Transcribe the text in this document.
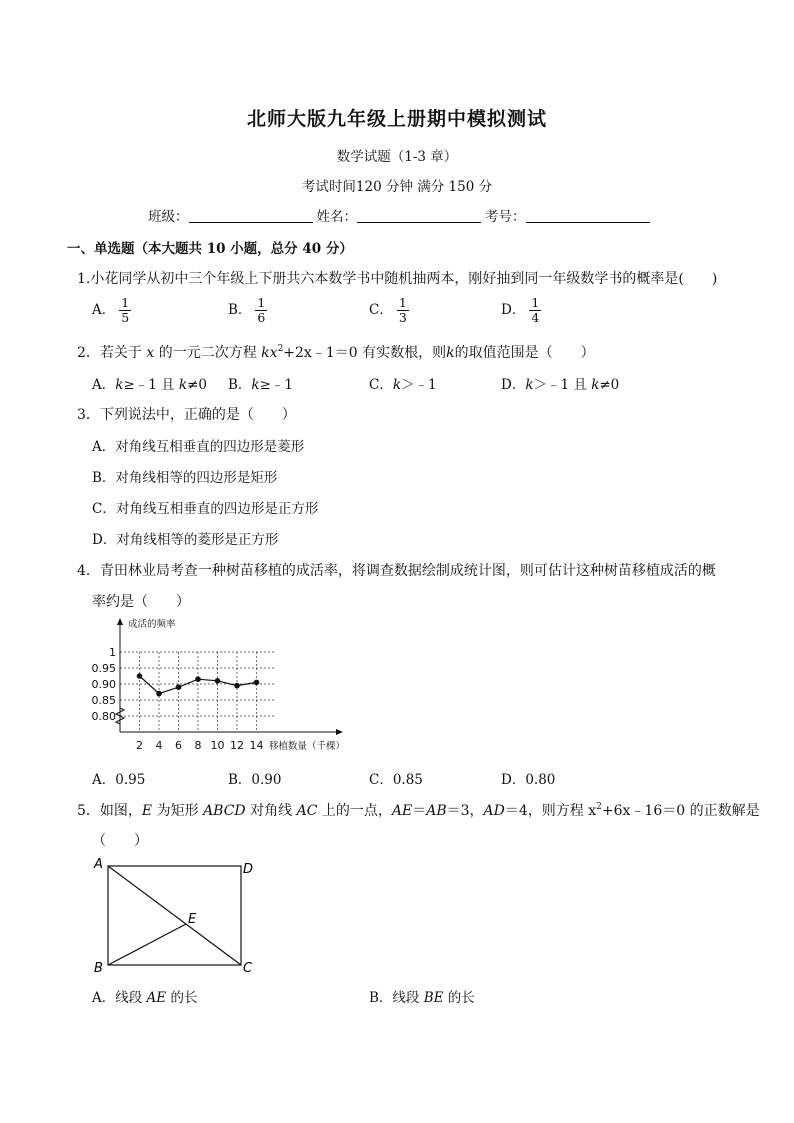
北师大版九年级上册期中模拟测试
数学试题（1-3 章）
考试时间120 分钟 满分 150 分
班级：	姓名：	考号：
一、单选题（本大题共 10 小题，总分 40 分）
1.小花同学从初中三个年级上下册共六本数学书中随机抽两本，刚好抽到同一年级数学书的概率是(　　)
A． $\frac{1}{5}$	B． $\frac{1}{6}$	C． $\frac{1}{3}$	D． $\frac{1}{4}$
2．若关于 x 的一元二次方程 $kx^2+2x﹣1=0$ 有实数根，则k的取值范围是（　　）
A．k≥﹣1 且 k≠0 B．k≥﹣1	C．k＞﹣1	D．k＞﹣1 且 k≠0
3．下列说法中，正确的是（　　）
A．对角线互相垂直的四边形是菱形
B．对角线相等的四边形是矩形
C．对角线互相垂直的四边形是正方形
D．对角线相等的菱形是正方形
4．青田林业局考查一种树苗移植的成活率，将调查数据绘制成统计图，则可估计这种树苗移植成活的概
率约是（　　）
成活的频率
移植数量（千棵）
0.80
0.85
0.90
0.95
1
2 4 6 8 10 12 14
A．0.95	B．0.90	C．0.85	D．0.80
5．如图，E 为矩形 ABCD 对角线 AC 上的一点，AE＝AB＝3，AD＝4，则方程 $x^2+6x﹣16=0$ 的正数解是
（　　）
A	D
E
B	C
A．线段 AE 的长	B．线段 BE 的长
